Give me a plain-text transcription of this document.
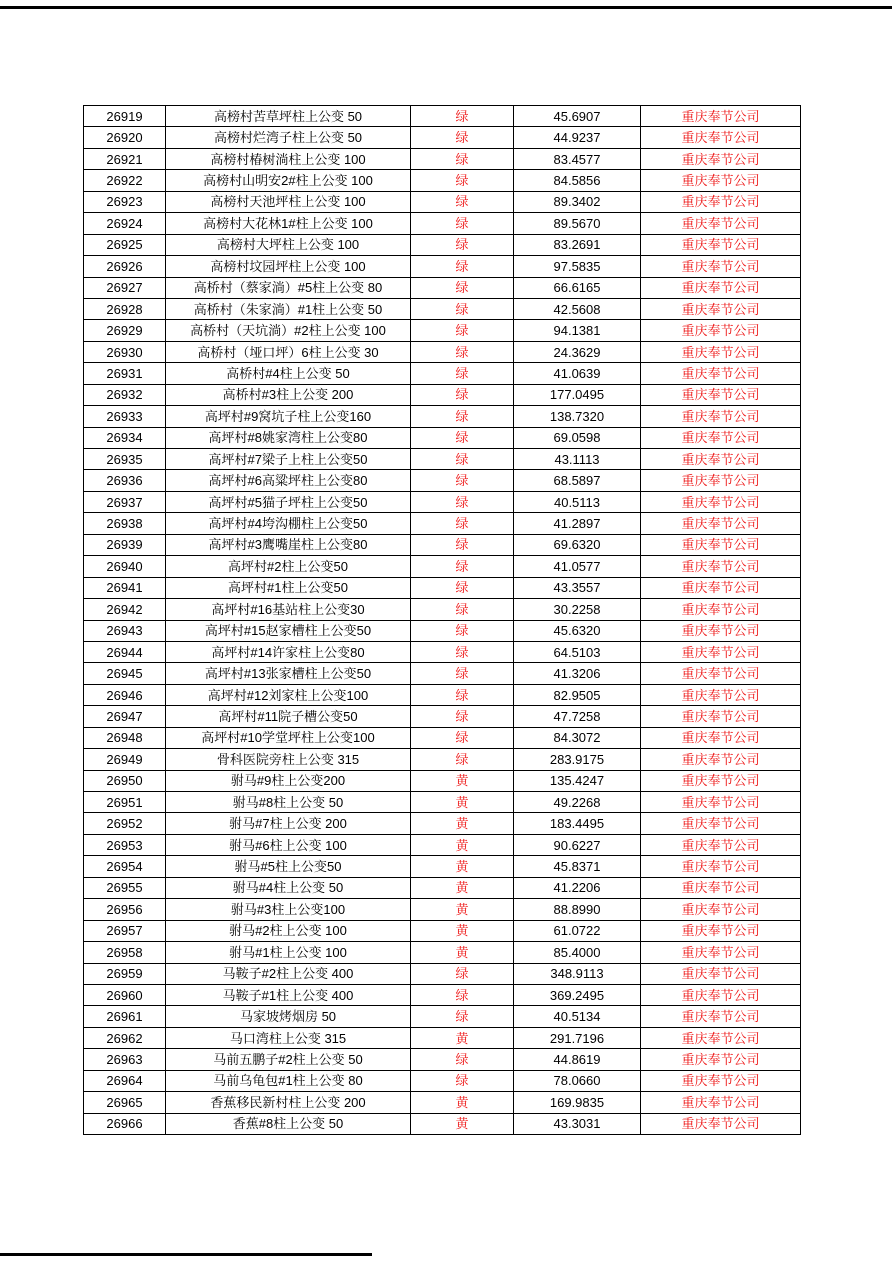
26919	高榜村苦草坪柱上公变 50	绿	45.6907	重庆奉节公司
26920	高榜村烂湾子柱上公变 50	绿	44.9237	重庆奉节公司
26921	高榜村椿树淌柱上公变 100	绿	83.4577	重庆奉节公司
26922	高榜村山明安2#柱上公变 100	绿	84.5856	重庆奉节公司
26923	高榜村天池坪柱上公变 100	绿	89.3402	重庆奉节公司
26924	高榜村大花林1#柱上公变 100	绿	89.5670	重庆奉节公司
26925	高榜村大坪柱上公变 100	绿	83.2691	重庆奉节公司
26926	高榜村坟园坪柱上公变 100	绿	97.5835	重庆奉节公司
26927	高桥村（蔡家淌）#5柱上公变 80	绿	66.6165	重庆奉节公司
26928	高桥村（朱家淌）#1柱上公变 50	绿	42.5608	重庆奉节公司
26929	高桥村（天坑淌）#2柱上公变 100	绿	94.1381	重庆奉节公司
26930	高桥村（垭口坪）6柱上公变 30	绿	24.3629	重庆奉节公司
26931	高桥村#4柱上公变 50	绿	41.0639	重庆奉节公司
26932	高桥村#3柱上公变 200	绿	177.0495	重庆奉节公司
26933	高坪村#9窝坑子柱上公变160	绿	138.7320	重庆奉节公司
26934	高坪村#8姚家湾柱上公变80	绿	69.0598	重庆奉节公司
26935	高坪村#7梁子上柱上公变50	绿	43.1113	重庆奉节公司
26936	高坪村#6高粱坪柱上公变80	绿	68.5897	重庆奉节公司
26937	高坪村#5猫子坪柱上公变50	绿	40.5113	重庆奉节公司
26938	高坪村#4垮沟棚柱上公变50	绿	41.2897	重庆奉节公司
26939	高坪村#3鹰嘴崖柱上公变80	绿	69.6320	重庆奉节公司
26940	高坪村#2柱上公变50	绿	41.0577	重庆奉节公司
26941	高坪村#1柱上公变50	绿	43.3557	重庆奉节公司
26942	高坪村#16基站柱上公变30	绿	30.2258	重庆奉节公司
26943	高坪村#15赵家槽柱上公变50	绿	45.6320	重庆奉节公司
26944	高坪村#14许家柱上公变80	绿	64.5103	重庆奉节公司
26945	高坪村#13张家槽柱上公变50	绿	41.3206	重庆奉节公司
26946	高坪村#12刘家柱上公变100	绿	82.9505	重庆奉节公司
26947	高坪村#11院子槽公变50	绿	47.7258	重庆奉节公司
26948	高坪村#10学堂坪柱上公变100	绿	84.3072	重庆奉节公司
26949	骨科医院旁柱上公变 315	绿	283.9175	重庆奉节公司
26950	驸马#9柱上公变200	黄	135.4247	重庆奉节公司
26951	驸马#8柱上公变 50	黄	49.2268	重庆奉节公司
26952	驸马#7柱上公变 200	黄	183.4495	重庆奉节公司
26953	驸马#6柱上公变 100	黄	90.6227	重庆奉节公司
26954	驸马#5柱上公变50	黄	45.8371	重庆奉节公司
26955	驸马#4柱上公变 50	黄	41.2206	重庆奉节公司
26956	驸马#3柱上公变100	黄	88.8990	重庆奉节公司
26957	驸马#2柱上公变 100	黄	61.0722	重庆奉节公司
26958	驸马#1柱上公变 100	黄	85.4000	重庆奉节公司
26959	马鞍子#2柱上公变 400	绿	348.9113	重庆奉节公司
26960	马鞍子#1柱上公变 400	绿	369.2495	重庆奉节公司
26961	马家坡烤烟房 50	绿	40.5134	重庆奉节公司
26962	马口湾柱上公变 315	黄	291.7196	重庆奉节公司
26963	马前五鹏子#2柱上公变 50	绿	44.8619	重庆奉节公司
26964	马前乌龟包#1柱上公变 80	绿	78.0660	重庆奉节公司
26965	香蕉移民新村柱上公变 200	黄	169.9835	重庆奉节公司
26966	香蕉#8柱上公变 50	黄	43.3031	重庆奉节公司
